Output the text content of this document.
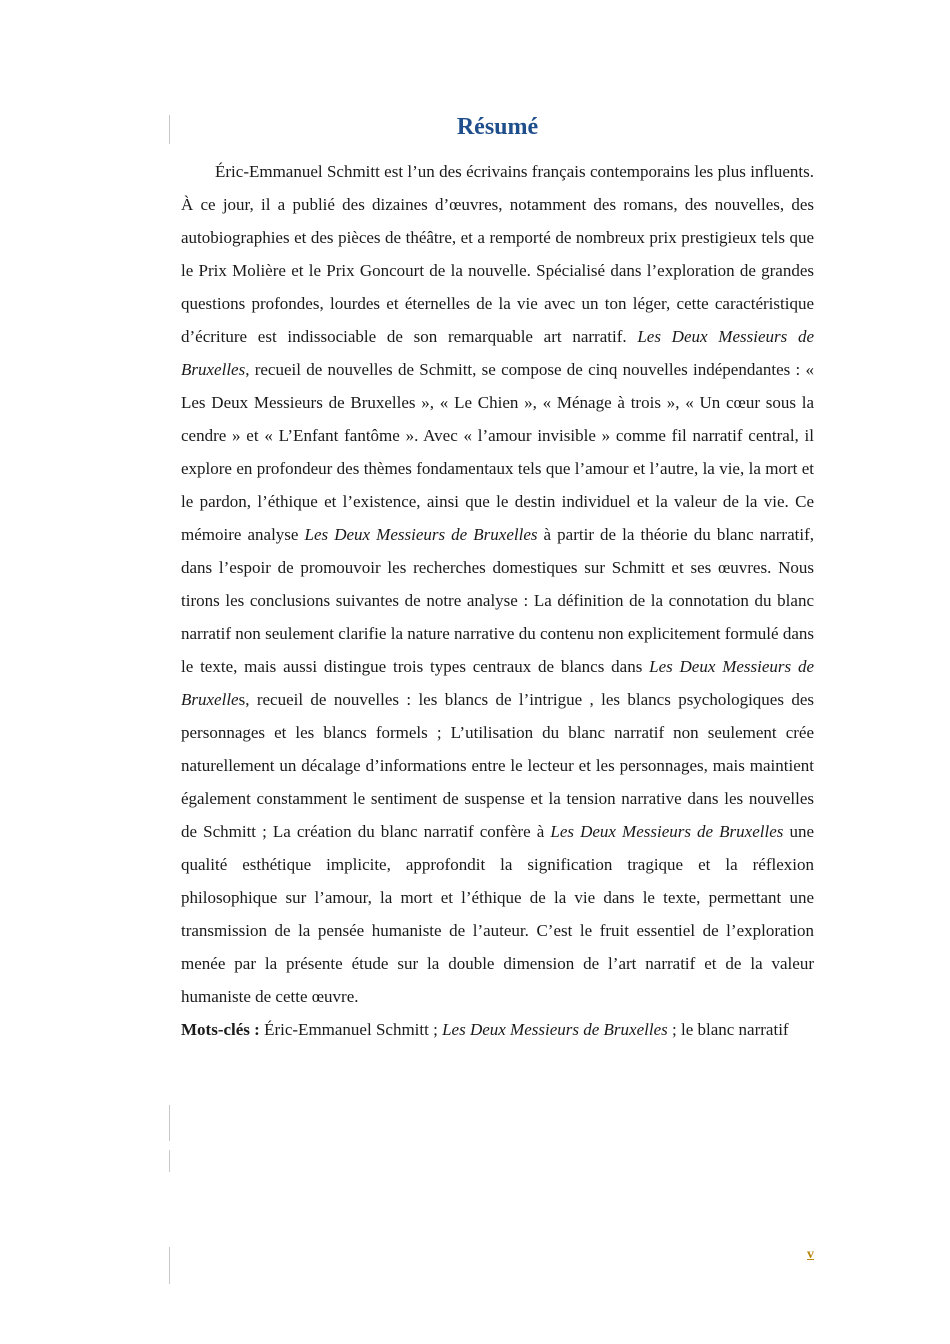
Résumé

Éric-Emmanuel Schmitt est l’un des écrivains français contemporains les plus influents. À ce jour, il a publié des dizaines d’œuvres, notamment des romans, des nouvelles, des autobiographies et des pièces de théâtre, et a remporté de nombreux prix prestigieux tels que le Prix Molière et le Prix Goncourt de la nouvelle. Spécialisé dans l’exploration de grandes questions profondes, lourdes et éternelles de la vie avec un ton léger, cette caractéristique d’écriture est indissociable de son remarquable art narratif. Les Deux Messieurs de Bruxelles, recueil de nouvelles de Schmitt, se compose de cinq nouvelles indépendantes : « Les Deux Messieurs de Bruxelles », « Le Chien », « Ménage à trois », « Un cœur sous la cendre » et « L’Enfant fantôme ». Avec « l’amour invisible » comme fil narratif central, il explore en profondeur des thèmes fondamentaux tels que l’amour et l’autre, la vie, la mort et le pardon, l’éthique et l’existence, ainsi que le destin individuel et la valeur de la vie. Ce mémoire analyse Les Deux Messieurs de Bruxelles à partir de la théorie du blanc narratif, dans l’espoir de promouvoir les recherches domestiques sur Schmitt et ses œuvres. Nous tirons les conclusions suivantes de notre analyse : La définition de la connotation du blanc narratif non seulement clarifie la nature narrative du contenu non explicitement formulé dans le texte, mais aussi distingue trois types centraux de blancs dans Les Deux Messieurs de Bruxelles, recueil de nouvelles : les blancs de l’intrigue , les blancs psychologiques des personnages et les blancs formels ; L’utilisation du blanc narratif non seulement crée naturellement un décalage d’informations entre le lecteur et les personnages, mais maintient également constamment le sentiment de suspense et la tension narrative dans les nouvelles de Schmitt ; La création du blanc narratif confère à Les Deux Messieurs de Bruxelles une qualité esthétique implicite, approfondit la signification tragique et la réflexion philosophique sur l’amour, la mort et l’éthique de la vie dans le texte, permettant une transmission de la pensée humaniste de l’auteur. C’est le fruit essentiel de l’exploration menée par la présente étude sur la double dimension de l’art narratif et de la valeur humaniste de cette œuvre.

Mots-clés : Éric-Emmanuel Schmitt ; Les Deux Messieurs de Bruxelles ; le blanc narratif

v
